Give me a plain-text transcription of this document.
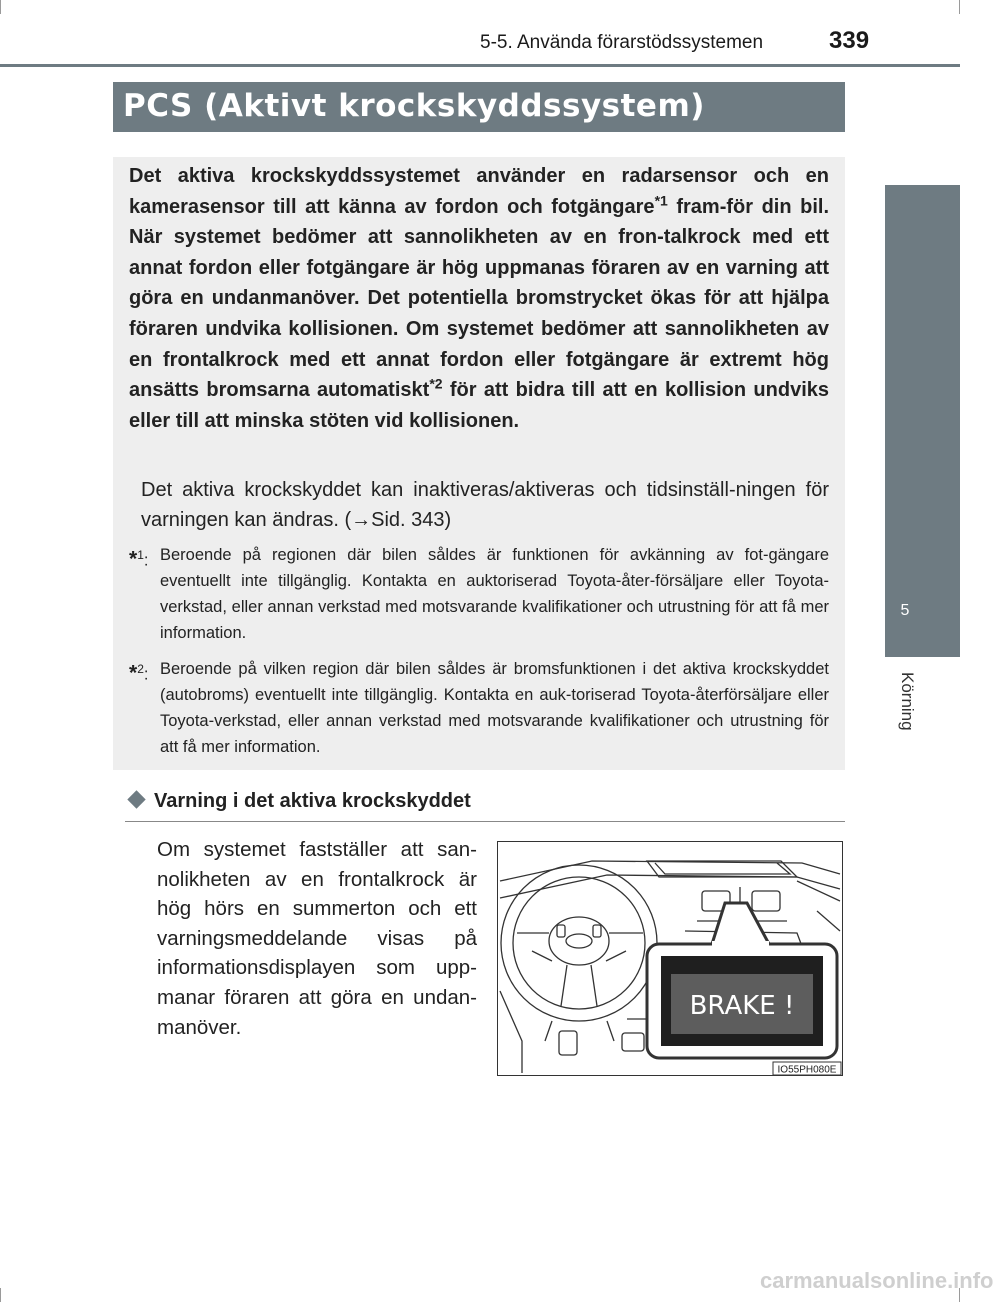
5-5. Använda förarstödssystemen	339
5
Körning
PCS (Aktivt krockskyddssystem)
Det aktiva krockskyddssystemet använder en radarsensor och en kamerasensor till att känna av fordon och fotgängare$^{*1}$ fram-för din bil. När systemet bedömer att sannolikheten av en fron-talkrock med ett annat fordon eller fotgängare är hög uppmanas föraren av en varning att göra en undanmanöver. Det potentiella bromstrycket ökas för att hjälpa föraren undvika kollisionen. Om systemet bedömer att sannolikheten av en frontalkrock med ett annat fordon eller fotgängare är extremt hög ansätts bromsarna automatiskt$^{*2}$ för att bidra till att en kollision undviks eller till att minska stöten vid kollisionen.
Det aktiva krockskyddet kan inaktiveras/aktiveras och tidsinställ-ningen för varningen kan ändras. (→Sid. 343)
*$^1$: Beroende på regionen där bilen såldes är funktionen för avkänning av fot-gängare eventuellt inte tillgänglig. Kontakta en auktoriserad Toyota-åter-försäljare eller Toyota-verkstad, eller annan verkstad med motsvarande kvalifikationer och utrustning för att få mer information.
*$^2$: Beroende på vilken region där bilen såldes är bromsfunktionen i det aktiva krockskyddet (autobroms) eventuellt inte tillgänglig. Kontakta en auk-toriserad Toyota-återförsäljare eller Toyota-verkstad, eller annan verkstad med motsvarande kvalifikationer och utrustning för att få mer information.
Varning i det aktiva krockskyddet
Om systemet fastställer att san-nolikheten av en frontalkrock är hög hörs en summerton och ett varningsmeddelande visas på informationsdisplayen som upp-manar föraren att göra en undan-manöver.
BRAKE !
IO55PH080E
carmanualsonline.info
